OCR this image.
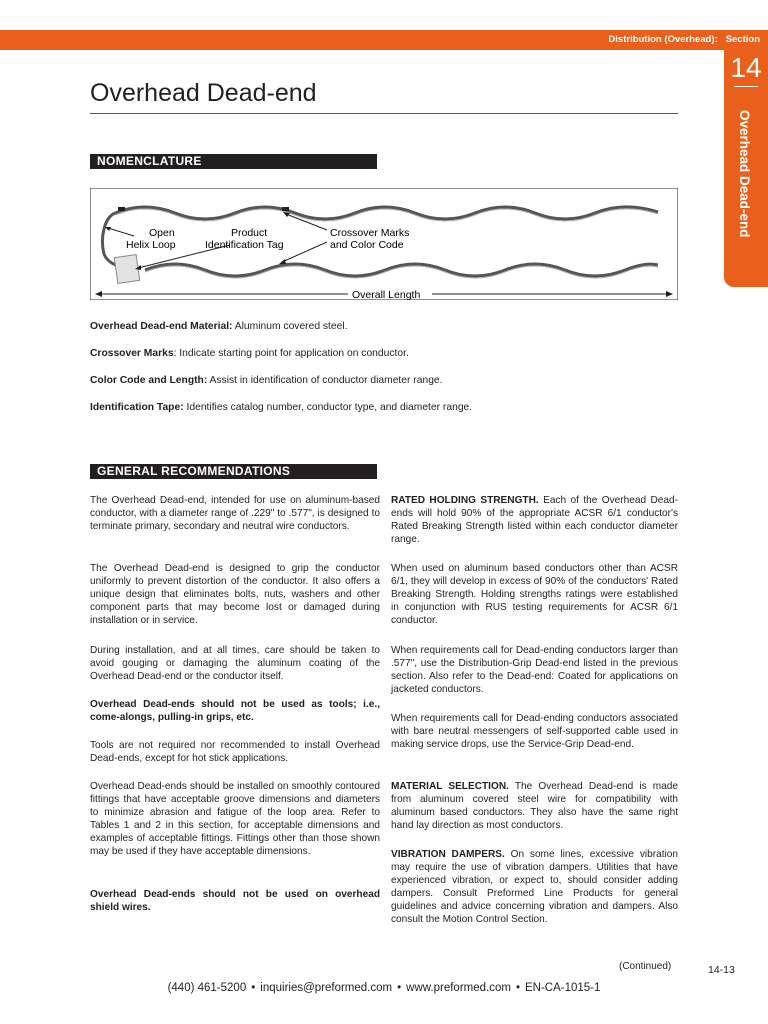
Distribution (Overhead): Section
14
Overhead Dead-end
Overhead Dead-end
NOMENCLATURE
Open
Helix Loop
Product
Identification Tag
Crossover Marks
and Color Code
Overall Length

Overhead Dead-end Material: Aluminum covered steel.

Crossover Marks: Indicate starting point for application on conductor.

Color Code and Length: Assist in identification of conductor diameter range.

Identification Tape: Identifies catalog number, conductor type, and diameter range.

GENERAL RECOMMENDATIONS

The Overhead Dead-end, intended for use on aluminum-based conductor, with a diameter range of .229" to .577", is designed to terminate primary, secondary and neutral wire conductors.

The Overhead Dead-end is designed to grip the conductor uniformly to prevent distortion of the conductor. It also offers a unique design that eliminates bolts, nuts, washers and other component parts that may become lost or damaged during installation or in service.

During installation, and at all times, care should be taken to avoid gouging or damaging the aluminum coating of the Overhead Dead-end or the conductor itself.

Overhead Dead-ends should not be used as tools; i.e., come-alongs, pulling-in grips, etc.

Tools are not required nor recommended to install Overhead Dead-ends, except for hot stick applications.

Overhead Dead-ends should be installed on smoothly contoured fittings that have acceptable groove dimensions and diameters to minimize abrasion and fatigue of the loop area. Refer to Tables 1 and 2 in this section, for acceptable dimensions and examples of acceptable fittings. Fittings other than those shown may be used if they have acceptable dimensions.

Overhead Dead-ends should not be used on overhead shield wires.

RATED HOLDING STRENGTH. Each of the Overhead Dead-ends will hold 90% of the appropriate ACSR 6/1 conductor's Rated Breaking Strength listed within each conductor diameter range.

When used on aluminum based conductors other than ACSR 6/1, they will develop in excess of 90% of the conductors' Rated Breaking Strength. Holding strengths ratings were established in conjunction with RUS testing requirements for ACSR 6/1 conductor.

When requirements call for Dead-ending conductors larger than .577", use the Distribution-Grip Dead-end listed in the previous section. Also refer to the Dead-end: Coated for applications on jacketed conductors.

When requirements call for Dead-ending conductors associated with bare neutral messengers of self-supported cable used in making service drops, use the Service-Grip Dead-end.

MATERIAL SELECTION. The Overhead Dead-end is made from aluminum covered steel wire for compatibility with aluminum based conductors. They also have the same right hand lay direction as most conductors.

VIBRATION DAMPERS. On some lines, excessive vibration may require the use of vibration dampers. Utilities that have experienced vibration, or expect to, should consider adding dampers. Consult Preformed Line Products for general guidelines and advice concerning vibration and dampers. Also consult the Motion Control Section.

(Continued)	14-13
(440) 461-5200 • inquiries@preformed.com • www.preformed.com • EN-CA-1015-1
